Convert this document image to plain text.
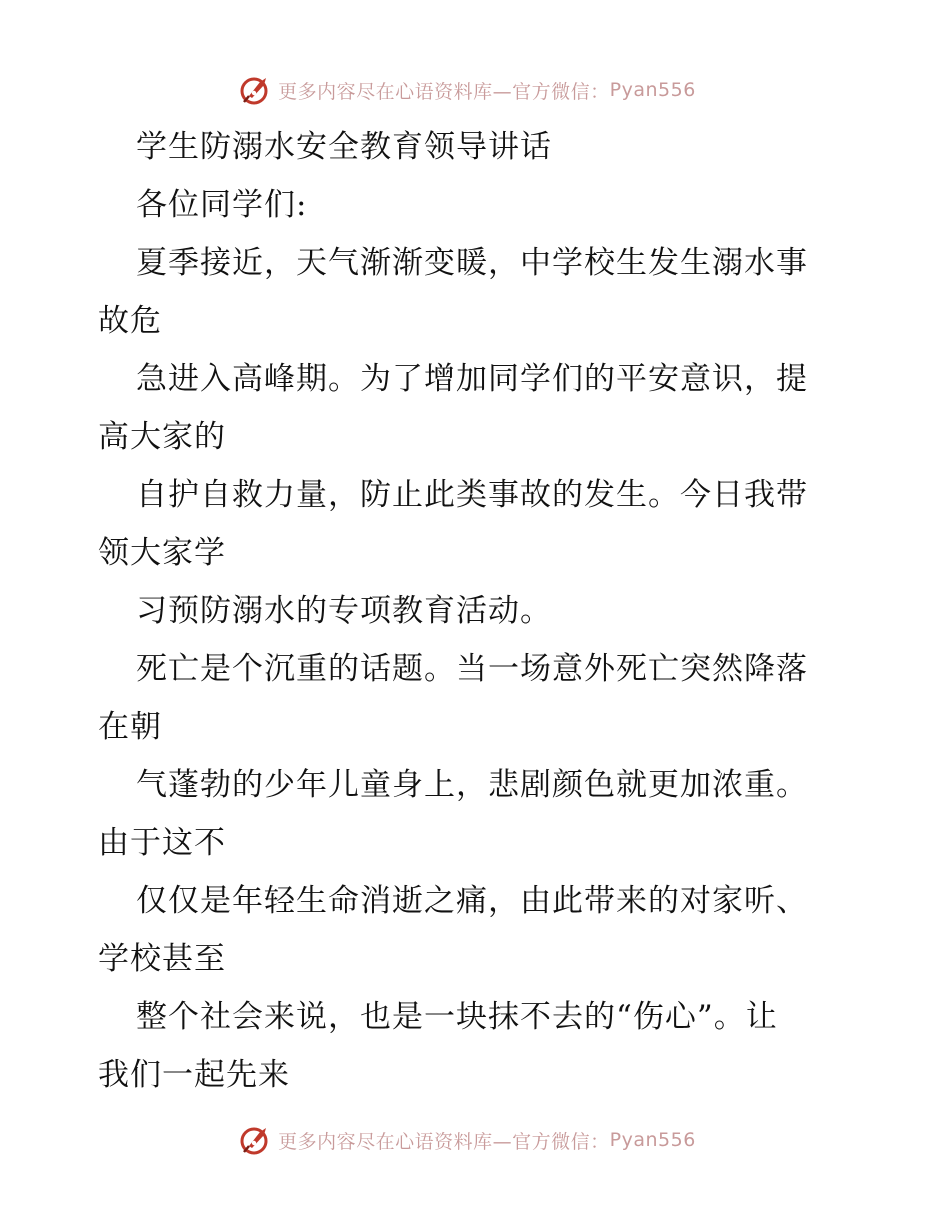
更多内容尽在心语资料库—官方微信： Pyan556
学生防溺水安全教育领导讲话
各位同学们:
夏季接近，天气渐渐变暖，中学校生发生溺水事
故危
急进入高峰期。为了增加同学们的平安意识，提
高大家的
自护自救力量，防止此类事故的发生。今日我带
领大家学
习预防溺水的专项教育活动。
死亡是个沉重的话题。当一场意外死亡突然降落
在朝
气蓬勃的少年儿童身上，悲剧颜色就更加浓重。
由于这不
仅仅是年轻生命消逝之痛，由此带来的对家听、
学校甚至
整个社会来说，也是一块抹不去的“伤心”。让
我们一起先来
更多内容尽在心语资料库—官方微信： Pyan556
